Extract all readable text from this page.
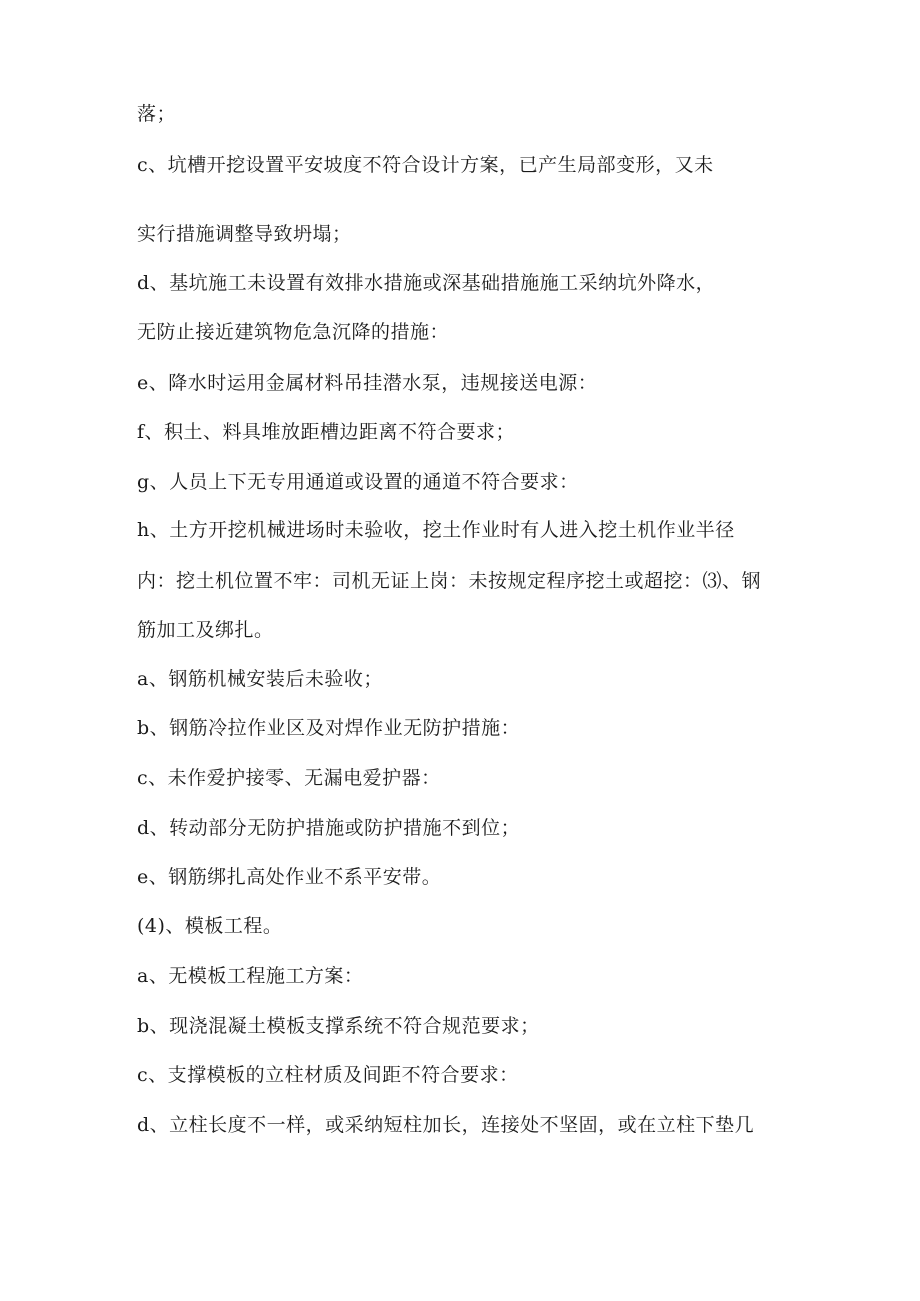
落；
c、坑槽开挖设置平安坡度不符合设计方案，已产生局部变形，又未
实行措施调整导致坍塌；
d、基坑施工未设置有效排水措施或深基础措施施工采纳坑外降水，
无防止接近建筑物危急沉降的措施：
e、降水时运用金属材料吊挂潜水泵，违规接送电源：
f、积土、料具堆放距槽边距离不符合要求；
g、人员上下无专用通道或设置的通道不符合要求：
h、土方开挖机械进场时未验收，挖土作业时有人进入挖土机作业半径
内：挖土机位置不牢：司机无证上岗：未按规定程序挖土或超挖：⑶、钢
筋加工及绑扎。
a、钢筋机械安装后未验收；
b、钢筋冷拉作业区及对焊作业无防护措施：
c、未作爱护接零、无漏电爱护器：
d、转动部分无防护措施或防护措施不到位；
e、钢筋绑扎高处作业不系平安带。
(4)、模板工程。
a、无模板工程施工方案：
b、现浇混凝土模板支撑系统不符合规范要求；
c、支撑模板的立柱材质及间距不符合要求：
d、立柱长度不一样，或采纳短柱加长，连接处不坚固，或在立柱下垫几
